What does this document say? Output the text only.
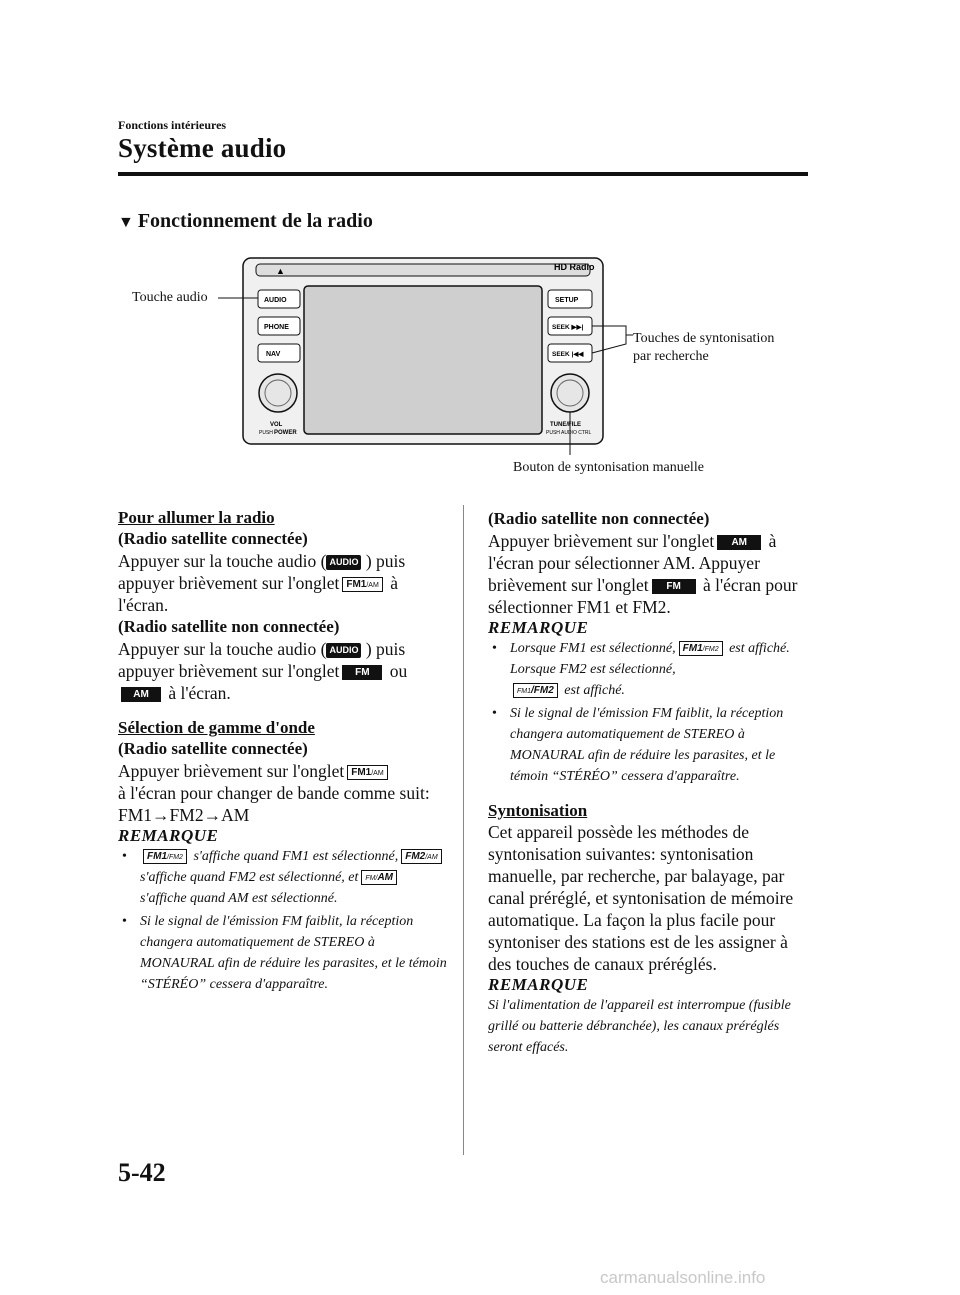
Fonctions intérieures
Système audio
▼ Fonctionnement de la radio
▲	HD Radio
AUDIO
PHONE
NAV
SETUP
SEEK ▶▶|
SEEK |◀◀
VOL
PUSH POWER
TUNE/FILE
PUSH AUDIO CTRL
Touche audio
Touches de syntonisation
par recherche
Bouton de syntonisation manuelle

Pour allumer la radio

(Radio satellite connectée)

Appuyer sur la touche audio ( AUDIO ) puis appuyer brièvement sur l'onglet FM1/AM à l'écran.

(Radio satellite non connectée)

Appuyer sur la touche audio ( AUDIO ) puis appuyer brièvement sur l'onglet FM ou
AM à l'écran.

Sélection de gamme d'onde

(Radio satellite connectée)

Appuyer brièvement sur l'onglet FM1/AM
à l'écran pour changer de bande comme suit:
FM1→FM2→AM

REMARQUE

• FM1/FM2 s'affiche quand FM1 est sélectionné, FM2/AM s'affiche quand FM2 est sélectionné, et FM/AM s'affiche quand AM est sélectionné.
• Si le signal de l'émission FM faiblit, la réception changera automatiquement de STEREO à MONAURAL afin de réduire les parasites, et le témoin “STÉRÉO” cessera d'apparaître.

(Radio satellite non connectée)

Appuyer brièvement sur l'onglet AM à l'écran pour sélectionner AM. Appuyer brièvement sur l'onglet FM à l'écran pour sélectionner FM1 et FM2.

REMARQUE

• Lorsque FM1 est sélectionné, FM1/FM2 est affiché. Lorsque FM2 est sélectionné,
FM1/FM2 est affiché.
• Si le signal de l'émission FM faiblit, la réception changera automatiquement de STEREO à MONAURAL afin de réduire les parasites, et le témoin “STÉRÉO” cessera d'apparaître.

Syntonisation

Cet appareil possède les méthodes de syntonisation suivantes: syntonisation manuelle, par recherche, par balayage, par canal préréglé, et syntonisation de mémoire automatique. La façon la plus facile pour syntoniser des stations est de les assigner à des touches de canaux préréglés.

REMARQUE

Si l'alimentation de l'appareil est interrompue (fusible grillé ou batterie débranchée), les canaux préréglés seront effacés.

5-42
carmanualsonline.info
